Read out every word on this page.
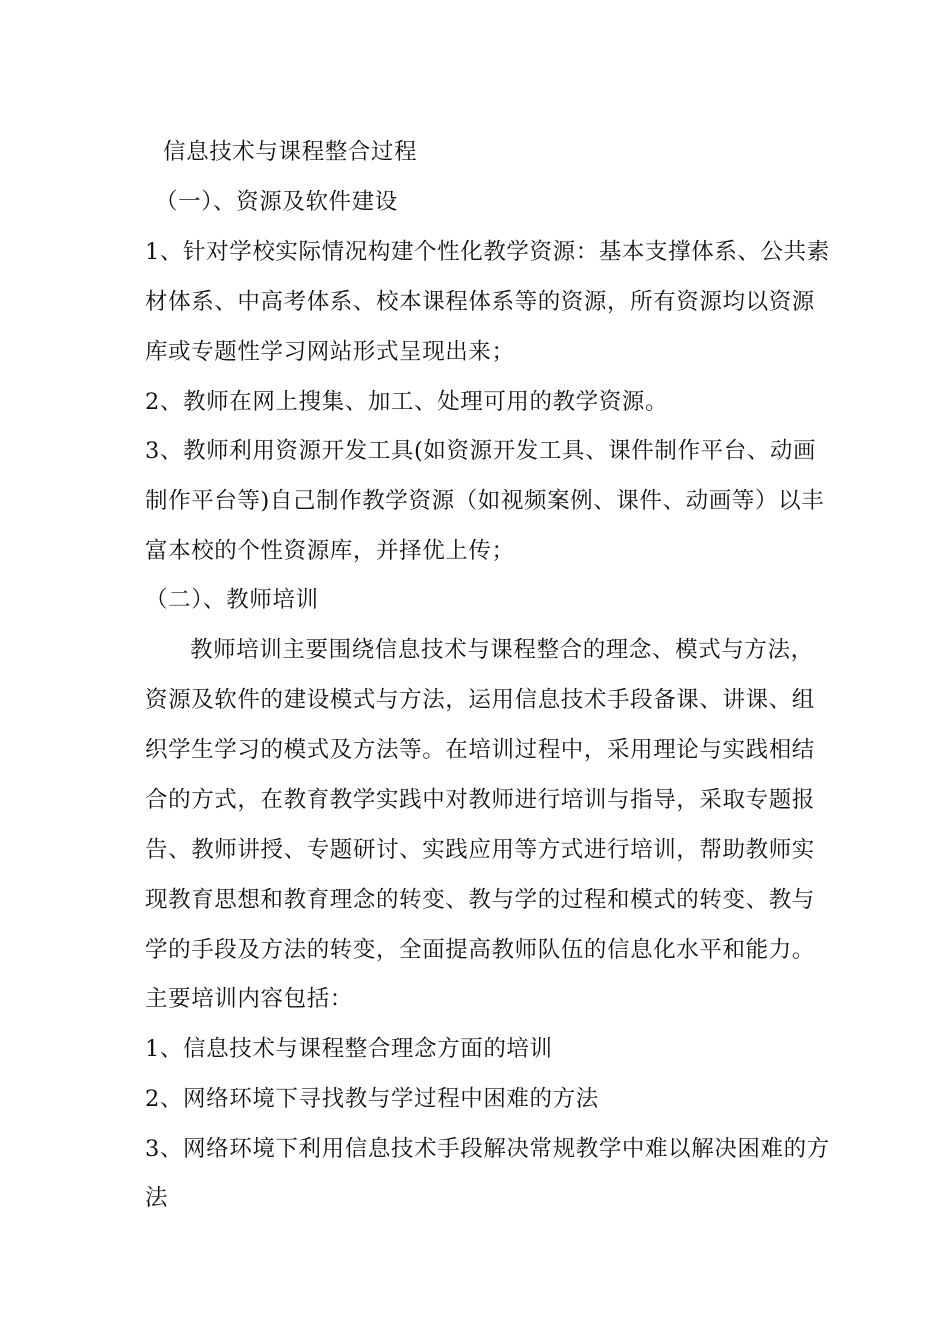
信息技术与课程整合过程
（一）、资源及软件建设
1、针对学校实际情况构建个性化教学资源：基本支撑体系、公共素
材体系、中高考体系、校本课程体系等的资源，所有资源均以资源
库或专题性学习网站形式呈现出来；
2、教师在网上搜集、加工、处理可用的教学资源。
3、教师利用资源开发工具(如资源开发工具、课件制作平台、动画
制作平台等)自己制作教学资源（如视频案例、课件、动画等）以丰
富本校的个性资源库，并择优上传；
（二）、教师培训
教师培训主要围绕信息技术与课程整合的理念、模式与方法，
资源及软件的建设模式与方法，运用信息技术手段备课、讲课、组
织学生学习的模式及方法等。在培训过程中，采用理论与实践相结
合的方式，在教育教学实践中对教师进行培训与指导，采取专题报
告、教师讲授、专题研讨、实践应用等方式进行培训，帮助教师实
现教育思想和教育理念的转变、教与学的过程和模式的转变、教与
学的手段及方法的转变，全面提高教师队伍的信息化水平和能力。
主要培训内容包括：
1、信息技术与课程整合理念方面的培训
2、网络环境下寻找教与学过程中困难的方法
3、网络环境下利用信息技术手段解决常规教学中难以解决困难的方
法
